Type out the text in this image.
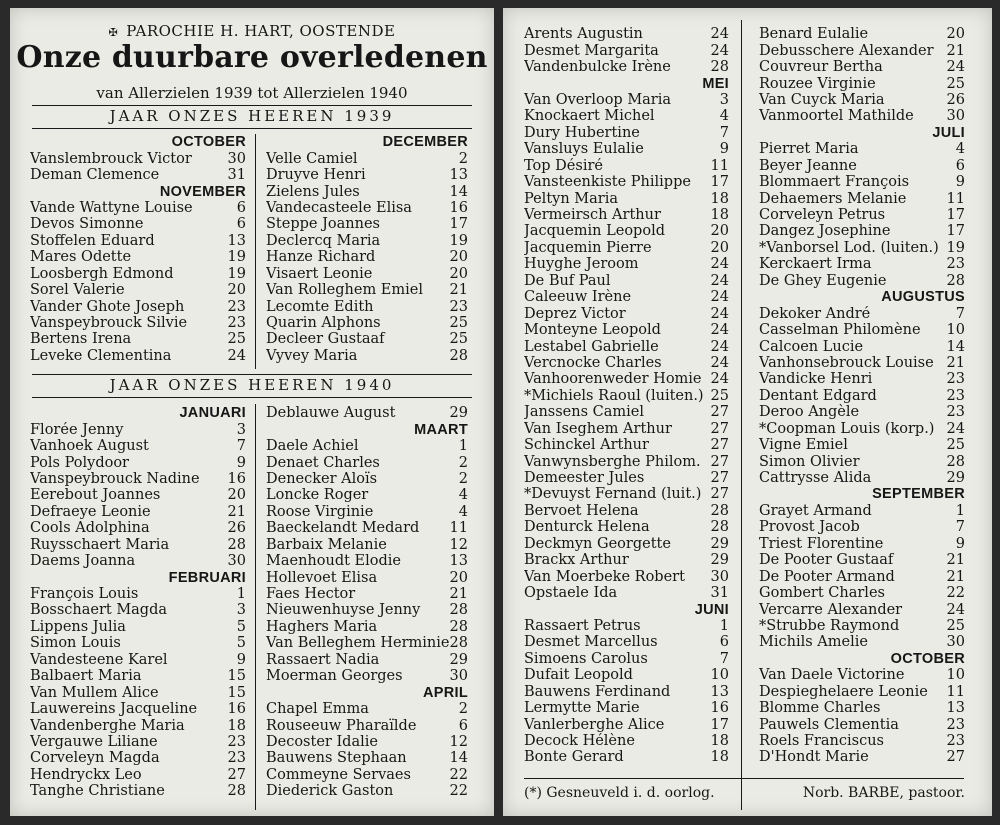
✠ PAROCHIE H. HART, OOSTENDE
Onze duurbare overledenen
van Allerzielen 1939 tot Allerzielen 1940
JAAR ONZES HEEREN 1939
OCTOBER
Vanslembrouck Victor	30
Deman Clemence	31
NOVEMBER
Vande Wattyne Louise	6
Devos Simonne	6
Stoffelen Eduard	13
Mares Odette	19
Loosbergh Edmond	19
Sorel Valerie	20
Vander Ghote Joseph	23
Vanspeybrouck Silvie	23
Bertens Irena	25
Leveke Clementina	24
DECEMBER
Velle Camiel	2
Druyve Henri	13
Zielens Jules	14
Vandecasteele Elisa	16
Steppe Joannes	17
Declercq Maria	19
Hanze Richard	20
Visaert Leonie	20
Van Rolleghem Emiel	21
Lecomte Edith	23
Quarin Alphons	25
Decleer Gustaaf	25
Vyvey Maria	28
JAAR ONZES HEEREN 1940
JANUARI
Florée Jenny	3
Vanhoek August	7
Pols Polydoor	9
Vanspeybrouck Nadine	16
Eerebout Joannes	20
Defraeye Leonie	21
Cools Adolphina	26
Ruysschaert Maria	28
Daems Joanna	30
FEBRUARI
François Louis	1
Bosschaert Magda	3
Lippens Julia	5
Simon Louis	5
Vandesteene Karel	9
Balbaert Maria	15
Van Mullem Alice	15
Lauwereins Jacqueline	16
Vandenberghe Maria	18
Vergauwe Liliane	23
Corveleyn Magda	23
Hendryckx Leo	27
Tanghe Christiane	28
Deblauwe August	29
MAART
Daele Achiel	1
Denaet Charles	2
Denecker Aloïs	2
Loncke Roger	4
Roose Virginie	4
Baeckelandt Medard	11
Barbaix Melanie	12
Maenhoudt Elodie	13
Hollevoet Elisa	20
Faes Hector	21
Nieuwenhuyse Jenny	28
Haghers Maria	28
Van Belleghem Herminie 28
Rassaert Nadia	29
Moerman Georges	30
APRIL
Chapel Emma	2
Rouseeuw Pharaïlde	6
Decoster Idalie	12
Bauwens Stephaan	14
Commeyne Servaes	22
Diederick Gaston	22
Arents Augustin	24
Desmet Margarita	24
Vandenbulcke Irène	28
MEI
Van Overloop Maria	3
Knockaert Michel	4
Dury Hubertine	7
Vansluys Eulalie	9
Top Désiré	11
Vansteenkiste Philippe	17
Peltyn Maria	18
Vermeirsch Arthur	18
Jacquemin Leopold	20
Jacquemin Pierre	20
Huyghe Jeroom	24
De Buf Paul	24
Caleeuw Irène	24
Deprez Victor	24
Monteyne Leopold	24
Lestabel Gabrielle	24
Vercnocke Charles	24
Vanhoorenweder Homie 24
*Michiels Raoul (luiten.) 25
Janssens Camiel	27
Van Iseghem Arthur	27
Schinckel Arthur	27
Vanwynsberghe Philom. 27
Demeester Jules	27
*Devuyst Fernand (luit.) 27
Bervoet Helena	28
Denturck Helena	28
Deckmyn Georgette	29
Brackx Arthur	29
Van Moerbeke Robert	30
Opstaele Ida	31
JUNI
Rassaert Petrus	1
Desmet Marcellus	6
Simoens Carolus	7
Dufait Leopold	10
Bauwens Ferdinand	13
Lermytte Marie	16
Vanlerberghe Alice	17
Decock Hélène	18
Bonte Gerard	18
Benard Eulalie	20
Debusschere Alexander 21
Couvreur Bertha	24
Rouzee Virginie	25
Van Cuyck Maria	26
Vanmoortel Mathilde	30
JULI
Pierret Maria	4
Beyer Jeanne	6
Blommaert François	9
Dehaemers Melanie	11
Corveleyn Petrus	17
Dangez Josephine	17
*Vanborsel Lod. (luiten.) 19
Kerckaert Irma	23
De Ghey Eugenie	28
AUGUSTUS
Dekoker André	7
Casselman Philomène	10
Calcoen Lucie	14
Vanhonsebrouck Louise 21
Vandicke Henri	23
Dentant Edgard	23
Deroo Angèle	23
*Coopman Louis (korp.) 24
Vigne Emiel	25
Simon Olivier	28
Cattrysse Alida	29
SEPTEMBER
Grayet Armand	1
Provost Jacob	7
Triest Florentine	9
De Pooter Gustaaf	21
De Pooter Armand	21
Gombert Charles	22
Vercarre Alexander	24
*Strubbe Raymond	25
Michils Amelie	30
OCTOBER
Van Daele Victorine	10
Despieghelaere Leonie	11
Blomme Charles	13
Pauwels Clementia	23
Roels Franciscus	23
D'Hondt Marie	27
(*) Gesneuveld i. d. oorlog.	Norb. BARBE, pastoor.
